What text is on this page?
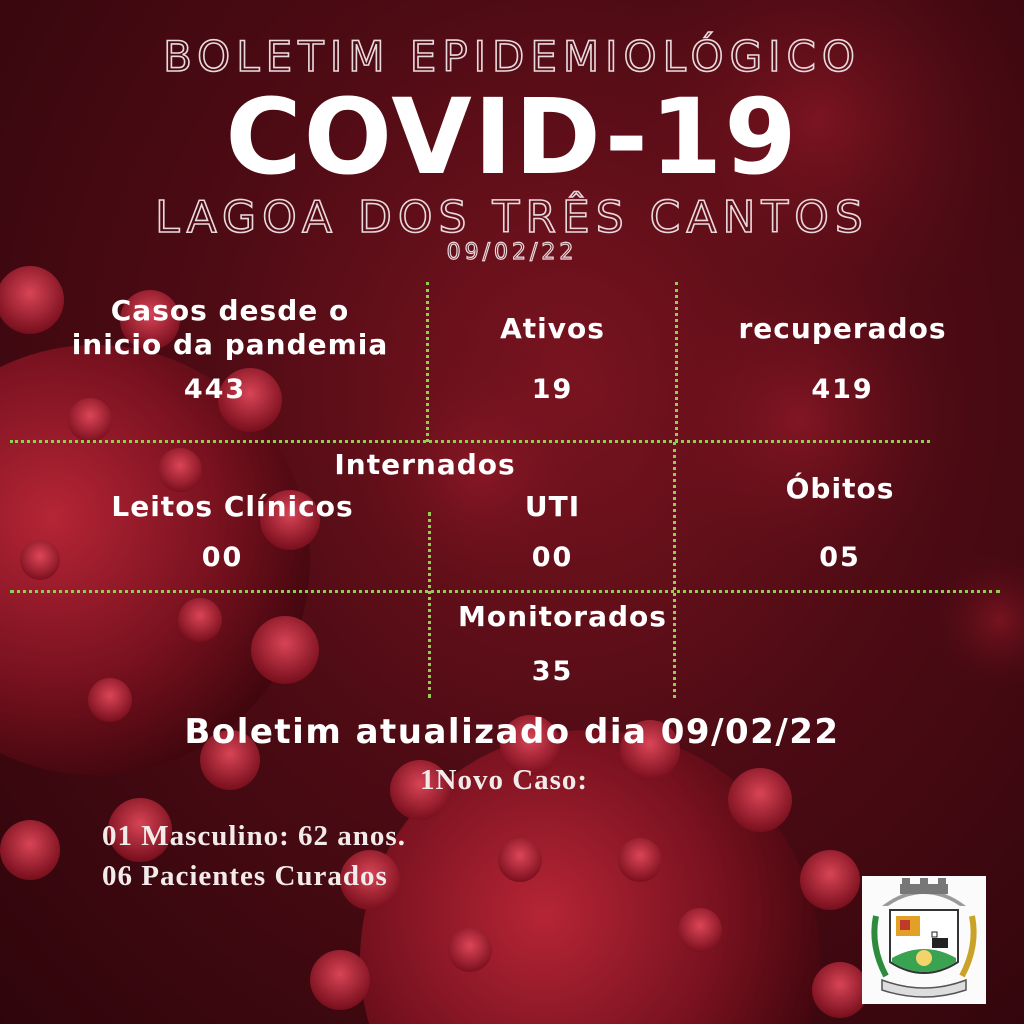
BOLETIM EPIDEMIOLÓGICO
COVID-19
LAGOA DOS TRÊS CANTOS
09/02/22
Casos desde o
inicio da pandemia
443
Ativos
19
recuperados
419
Internados
Leitos Clínicos
00
UTI
00
Óbitos
05
Monitorados
35
Boletim atualizado dia 09/02/22
1Novo Caso:
01 Masculino: 62 anos.
06 Pacientes Curados
